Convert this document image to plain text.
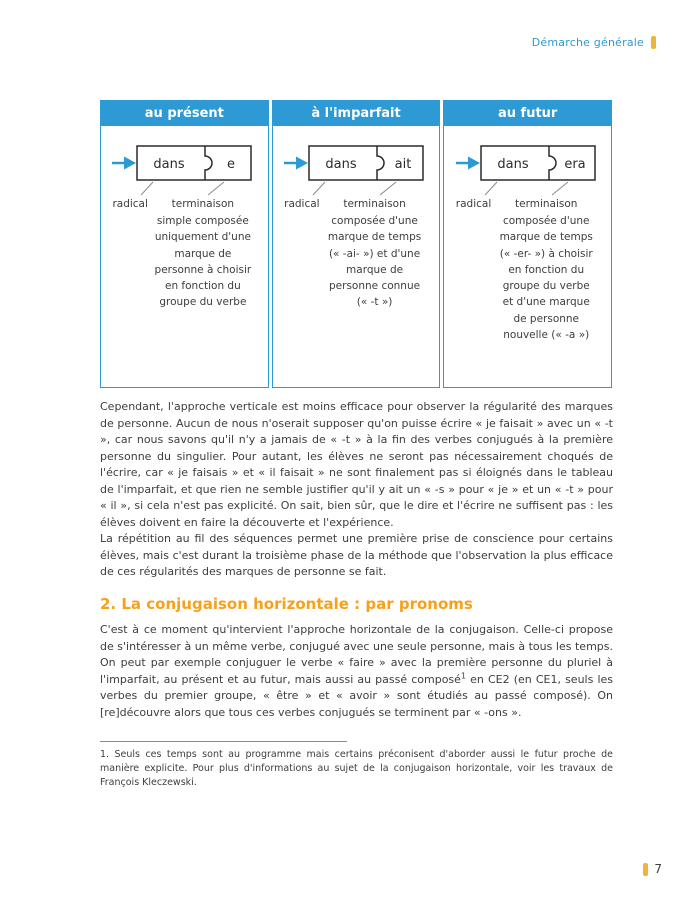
Démarche générale
au présent
dans	e
radical	terminaison
simple composée uniquement d'une marque de personne à choisir en fonction du groupe du verbe
à l'imparfait
dans	ait
radical	terminaison
composée d'une marque de temps (« -ai- ») et d'une marque de personne connue (« -t »)
au futur
dans	era
radical	terminaison
composée d'une marque de temps (« -er- ») à choisir en fonction du groupe du verbe et d'une marque de personne nouvelle (« -a »)

Cependant, l'approche verticale est moins efficace pour observer la régularité des marques de personne. Aucun de nous n'oserait supposer qu'on puisse écrire « je faisait » avec un « -t », car nous savons qu'il n'y a jamais de « -t » à la fin des verbes conjugués à la première personne du singulier. Pour autant, les élèves ne seront pas nécessairement choqués de l'écrire, car « je faisais » et « il faisait » ne sont finalement pas si éloignés dans le tableau de l'imparfait, et que rien ne semble justifier qu'il y ait un « -s » pour « je » et un « -t » pour « il », si cela n'est pas explicité. On sait, bien sûr, que le dire et l'écrire ne suffisent pas : les élèves doivent en faire la découverte et l'expérience.

La répétition au fil des séquences permet une première prise de conscience pour certains élèves, mais c'est durant la troisième phase de la méthode que l'observation la plus efficace de ces régularités des marques de personne se fait.

2. La conjugaison horizontale : par pronoms

C'est à ce moment qu'intervient l'approche horizontale de la conjugaison. Celle-ci propose de s'intéresser à un même verbe, conjugué avec une seule personne, mais à tous les temps. On peut par exemple conjuguer le verbe « faire » avec la première personne du pluriel à l'imparfait, au présent et au futur, mais aussi au passé composé$^1$ en CE2 (en CE1, seuls les verbes du premier groupe, « être » et « avoir » sont étudiés au passé composé). On [re]découvre alors que tous ces verbes conjugués se terminent par « -ons ».

1. Seuls ces temps sont au programme mais certains préconisent d'aborder aussi le futur proche de manière explicite. Pour plus d'informations au sujet de la conjugaison horizontale, voir les travaux de François Kleczewski.

7
